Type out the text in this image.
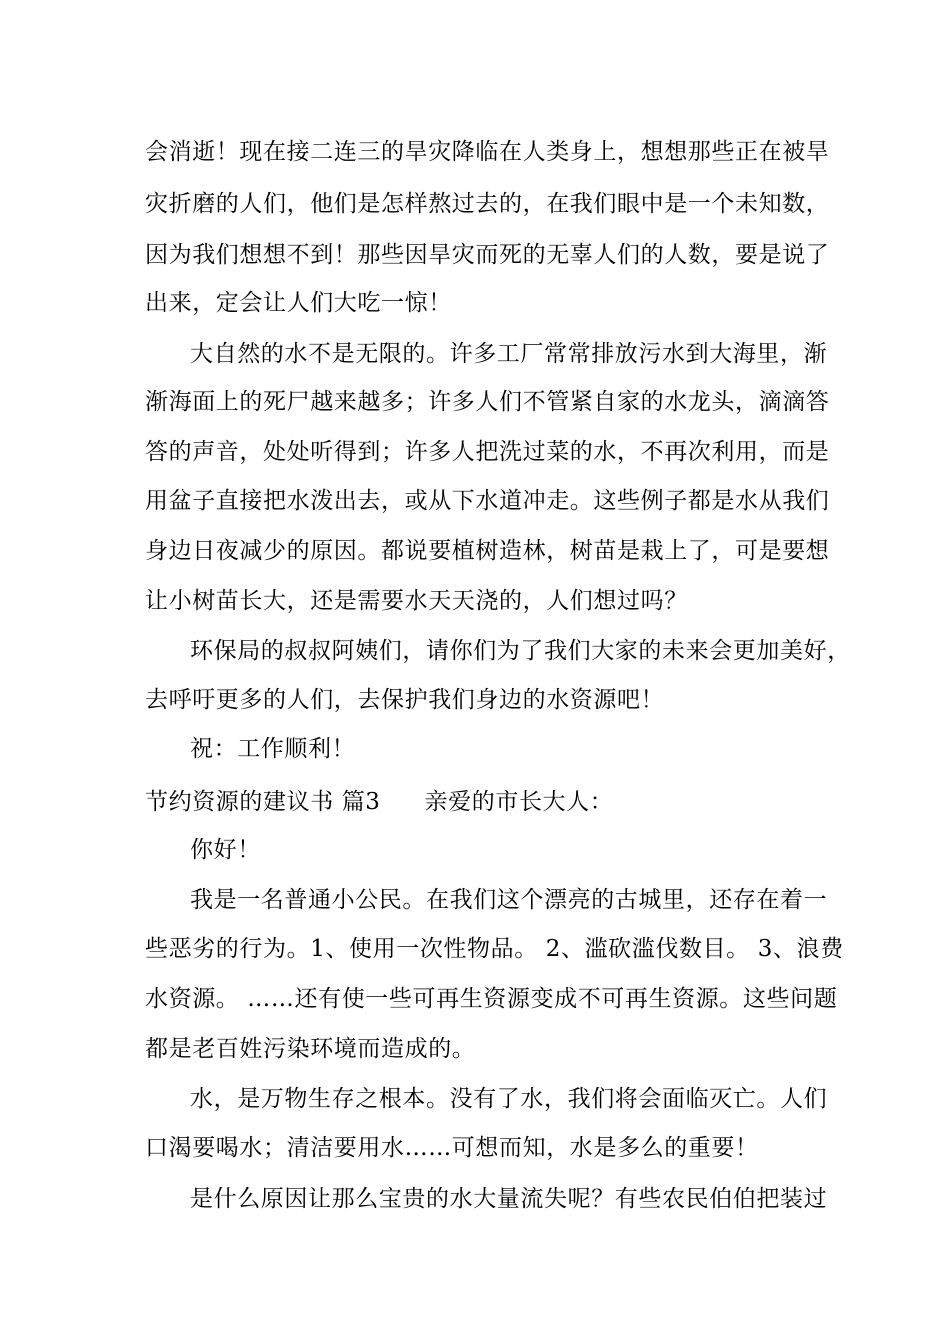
会消逝！现在接二连三的旱灾降临在人类身上，想想那些正在被旱
灾折磨的人们，他们是怎样熬过去的，在我们眼中是一个未知数，
因为我们想想不到！那些因旱灾而死的无辜人们的人数，要是说了
出来，定会让人们大吃一惊！
大自然的水不是无限的。许多工厂常常排放污水到大海里，渐
渐海面上的死尸越来越多；许多人们不管紧自家的水龙头，滴滴答
答的声音，处处听得到；许多人把洗过菜的水，不再次利用，而是
用盆子直接把水泼出去，或从下水道冲走。这些例子都是水从我们
身边日夜减少的原因。都说要植树造林，树苗是栽上了，可是要想
让小树苗长大，还是需要水天天浇的，人们想过吗？
环保局的叔叔阿姨们，请你们为了我们大家的未来会更加美好，
去呼吁更多的人们，去保护我们身边的水资源吧！
祝：工作顺利！
节约资源的建议书 篇3 亲爱的市长大人：
你好！
我是一名普通小公民。在我们这个漂亮的古城里，还存在着一
些恶劣的行为。1、使用一次性物品。 2、滥砍滥伐数目。 3、浪费
水资源。 ……还有使一些可再生资源变成不可再生资源。这些问题
都是老百姓污染环境而造成的。
水，是万物生存之根本。没有了水，我们将会面临灭亡。人们
口渴要喝水；清洁要用水……可想而知，水是多么的重要！
是什么原因让那么宝贵的水大量流失呢？有些农民伯伯把装过
